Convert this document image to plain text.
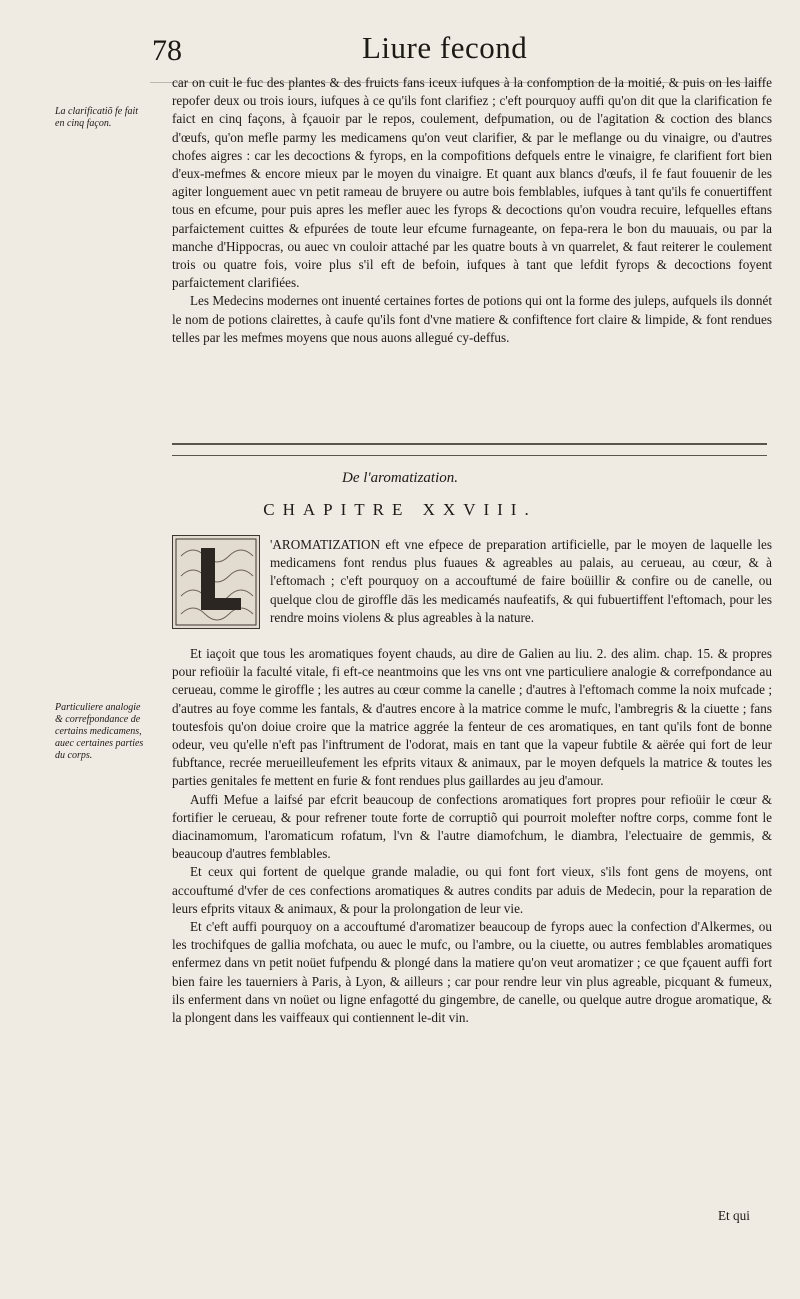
78	Liure fecond
La clarificatiõ fe fait en cinq façon.
Particuliere analogie & correfpondance de certains medicamens, auec certaines parties du corps.

car on cuit le fuc des plantes & des fruicts fans iceux iufques à la confomption de la moitié, & puis on les laiffe repofer deux ou trois iours, iufques à ce qu'ils font clarifiez ; c'eft pourquoy auffi qu'on dit que la clarification fe faict en cinq façons, à fçauoir par le repos, coulement, defpumation, ou de l'agitation & coction des blancs d'œufs, qu'on mefle parmy les medicamens qu'on veut clarifier, & par le meflange ou du vinaigre, ou d'autres chofes aigres : car les decoctions & fyrops, en la compofitions defquels entre le vinaigre, fe clarifient fort bien d'eux-mefmes & encore mieux par le moyen du vinaigre. Et quant aux blancs d'œufs, il fe faut fouuenir de les agiter longuement auec vn petit rameau de bruyere ou autre bois femblables, iufques à tant qu'ils fe conuertiffent tous en efcume, pour puis apres les mefler auec les fyrops & decoctions qu'on voudra recuire, lefquelles eftans parfaictement cuittes & efpurées de toute leur efcume furnageante, on fepa-rera le bon du mauuais, ou par la manche d'Hippocras, ou auec vn couloir attaché par les quatre bouts à vn quarrelet, & faut reiterer le coulement trois ou quatre fois, voire plus s'il eft de befoin, iufques à tant que lefdit fyrops & decoctions foyent parfaictement clarifiées.

Les Medecins modernes ont inuenté certaines fortes de potions qui ont la forme des juleps, aufquels ils donnét le nom de potions clairettes, à caufe qu'ils font d'vne matiere & confiftence fort claire & limpide, & font rendues telles par les mefmes moyens que nous auons allegué cy-deffus.

De l'aromatization.
CHAPITRE XXVIII.

'AROMATIZATION eft vne efpece de preparation artificielle, par le moyen de laquelle les medicamens font rendus plus fuaues & agreables au palais, au cerueau, au cœur, & à l'eftomach ; c'eft pourquoy on a accouftumé de faire boüillir & confire ou de canelle, ou quelque clou de giroffle dās les medicamés naufeatifs, & qui fubuertiffent l'eftomach, pour les rendre moins violens & plus agreables à la nature.

Et iaçoit que tous les aromatiques foyent chauds, au dire de Galien au liu. 2. des alim. chap. 15. & propres pour refioüir la faculté vitale, fi eft-ce neantmoins que les vns ont vne particuliere analogie & correfpondance au cerueau, comme le giroffle ; les autres au cœur comme la canelle ; d'autres à l'eftomach comme la noix mufcade ; d'autres au foye comme les fantals, & d'autres encore à la matrice comme le mufc, l'ambregris & la ciuette ; fans toutesfois qu'on doiue croire que la matrice aggrée la fenteur de ces aromatiques, en tant qu'ils font de bonne odeur, veu qu'elle n'eft pas l'inftrument de l'odorat, mais en tant que la vapeur fubtile & aërée qui fort de leur fubftance, recrée merueilleufement les efprits vitaux & animaux, par le moyen defquels la matrice & toutes les parties genitales fe mettent en furie & font rendues plus gaillardes au jeu d'amour.

Auffi Mefue a laifsé par efcrit beaucoup de confections aromatiques fort propres pour refioüir le cœur & fortifier le cerueau, & pour refrener toute forte de corruptiõ qui pourroit molefter noftre corps, comme font le diacinamomum, l'aromaticum rofatum, l'vn & l'autre diamofchum, le diambra, l'electuaire de gemmis, & beaucoup d'autres femblables.

Et ceux qui fortent de quelque grande maladie, ou qui font fort vieux, s'ils font gens de moyens, ont accouftumé d'vfer de ces confections aromatiques & autres condits par aduis de Medecin, pour la reparation de leurs efprits vitaux & animaux, & pour la prolongation de leur vie.

Et c'eft auffi pourquoy on a accouftumé d'aromatizer beaucoup de fyrops auec la confection d'Alkermes, ou les trochifques de gallia mofchata, ou auec le mufc, ou l'ambre, ou la ciuette, ou autres femblables aromatiques enfermez dans vn petit noüet fufpendu & plongé dans la matiere qu'on veut aromatizer ; ce que fçauent auffi fort bien faire les tauerniers à Paris, à Lyon, & ailleurs ; car pour rendre leur vin plus agreable, picquant & fumeux, ils enferment dans vn noüet ou ligne enfagotté du gingembre, de canelle, ou quelque autre drogue aromatique, & la plongent dans les vaiffeaux qui contiennent le-dit vin.

Et qui
